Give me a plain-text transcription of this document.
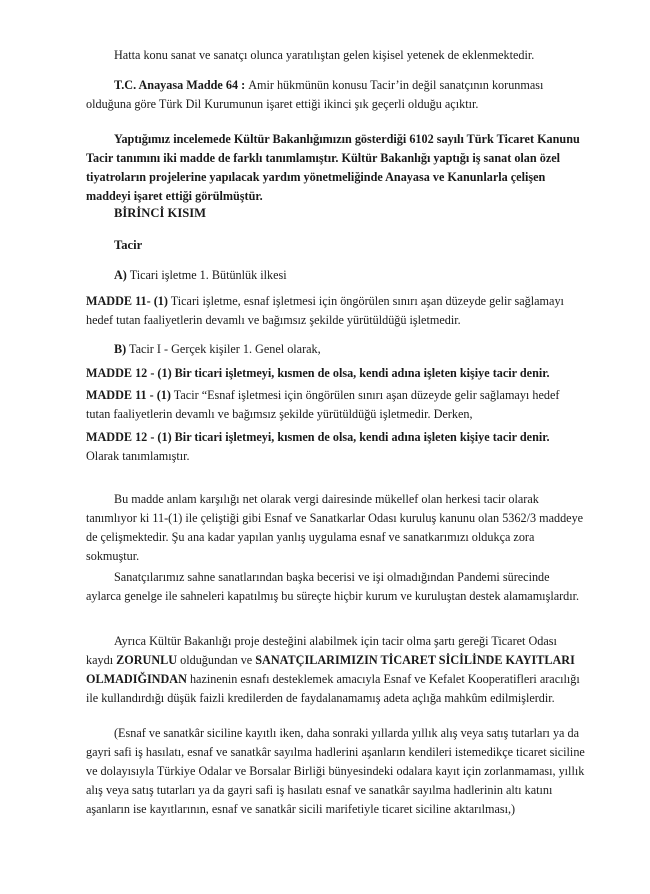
Hatta konu sanat ve sanatçı olunca yaratılıştan gelen kişisel yetenek de eklenmektedir.

T.C. Anayasa Madde 64 : Amir hükmünün konusu Tacir’in değil sanatçının korunması olduğuna göre Türk Dil Kurumunun işaret ettiği ikinci şık geçerli olduğu açıktır.

Yaptığımız incelemede Kültür Bakanlığımızın gösterdiği 6102 sayılı Türk Ticaret Kanunu Tacir tanımını iki madde de farklı tanımlamıştır. Kültür Bakanlığı yaptığı iş sanat olan özel tiyatroların projelerine yapılacak yardım yönetmeliğinde Anayasa ve Kanunlarla çelişen maddeyi işaret ettiği görülmüştür.

BİRİNCİ KISIM

Tacir

A) Ticari işletme 1. Bütünlük ilkesi

MADDE 11- (1) Ticari işletme, esnaf işletmesi için öngörülen sınırı aşan düzeyde gelir sağlamayı hedef tutan faaliyetlerin devamlı ve bağımsız şekilde yürütüldüğü işletmedir.

B) Tacir I - Gerçek kişiler 1. Genel olarak,

MADDE 12 - (1) Bir ticari işletmeyi, kısmen de olsa, kendi adına işleten kişiye tacir denir.

MADDE 11 - (1) Tacir “Esnaf işletmesi için öngörülen sınırı aşan düzeyde gelir sağlamayı hedef tutan faaliyetlerin devamlı ve bağımsız şekilde yürütüldüğü işletmedir. Derken,

MADDE 12 - (1) Bir ticari işletmeyi, kısmen de olsa, kendi adına işleten kişiye tacir denir.
Olarak tanımlamıştır.

Bu madde anlam karşılığı net olarak vergi dairesinde mükellef olan herkesi tacir olarak tanımlıyor ki 11-(1) ile çeliştiği gibi Esnaf ve Sanatkarlar Odası kuruluş kanunu olan 5362/3 maddeye de çelişmektedir. Şu ana kadar yapılan yanlış uygulama esnaf ve sanatkarımızı oldukça zora sokmuştur.

Sanatçılarımız sahne sanatlarından başka becerisi ve işi olmadığından Pandemi sürecinde aylarca genelge ile sahneleri kapatılmış bu süreçte hiçbir kurum ve kuruluştan destek alamamışlardır.

Ayrıca Kültür Bakanlığı proje desteğini alabilmek için tacir olma şartı gereği Ticaret Odası kaydı ZORUNLU olduğundan ve SANATÇILARIMIZIN TİCARET SİCİLİNDE KAYITLARI OLMADIĞINDAN hazinenin esnafı desteklemek amacıyla Esnaf ve Kefalet Kooperatifleri aracılığı ile kullandırdığı düşük faizli kredilerden de faydalanamamış adeta açlığa mahkûm edilmişlerdir.

(Esnaf ve sanatkâr siciline kayıtlı iken, daha sonraki yıllarda yıllık alış veya satış tutarları ya da gayri safi iş hasılatı, esnaf ve sanatkâr sayılma hadlerini aşanların kendileri istemedikçe ticaret siciline ve dolayısıyla Türkiye Odalar ve Borsalar Birliği bünyesindeki odalara kayıt için zorlanmaması, yıllık alış veya satış tutarları ya da gayri safi iş hasılatı esnaf ve sanatkâr sayılma hadlerinin altı katını aşanların ise kayıtlarının, esnaf ve sanatkâr sicili marifetiyle ticaret siciline aktarılması,)
